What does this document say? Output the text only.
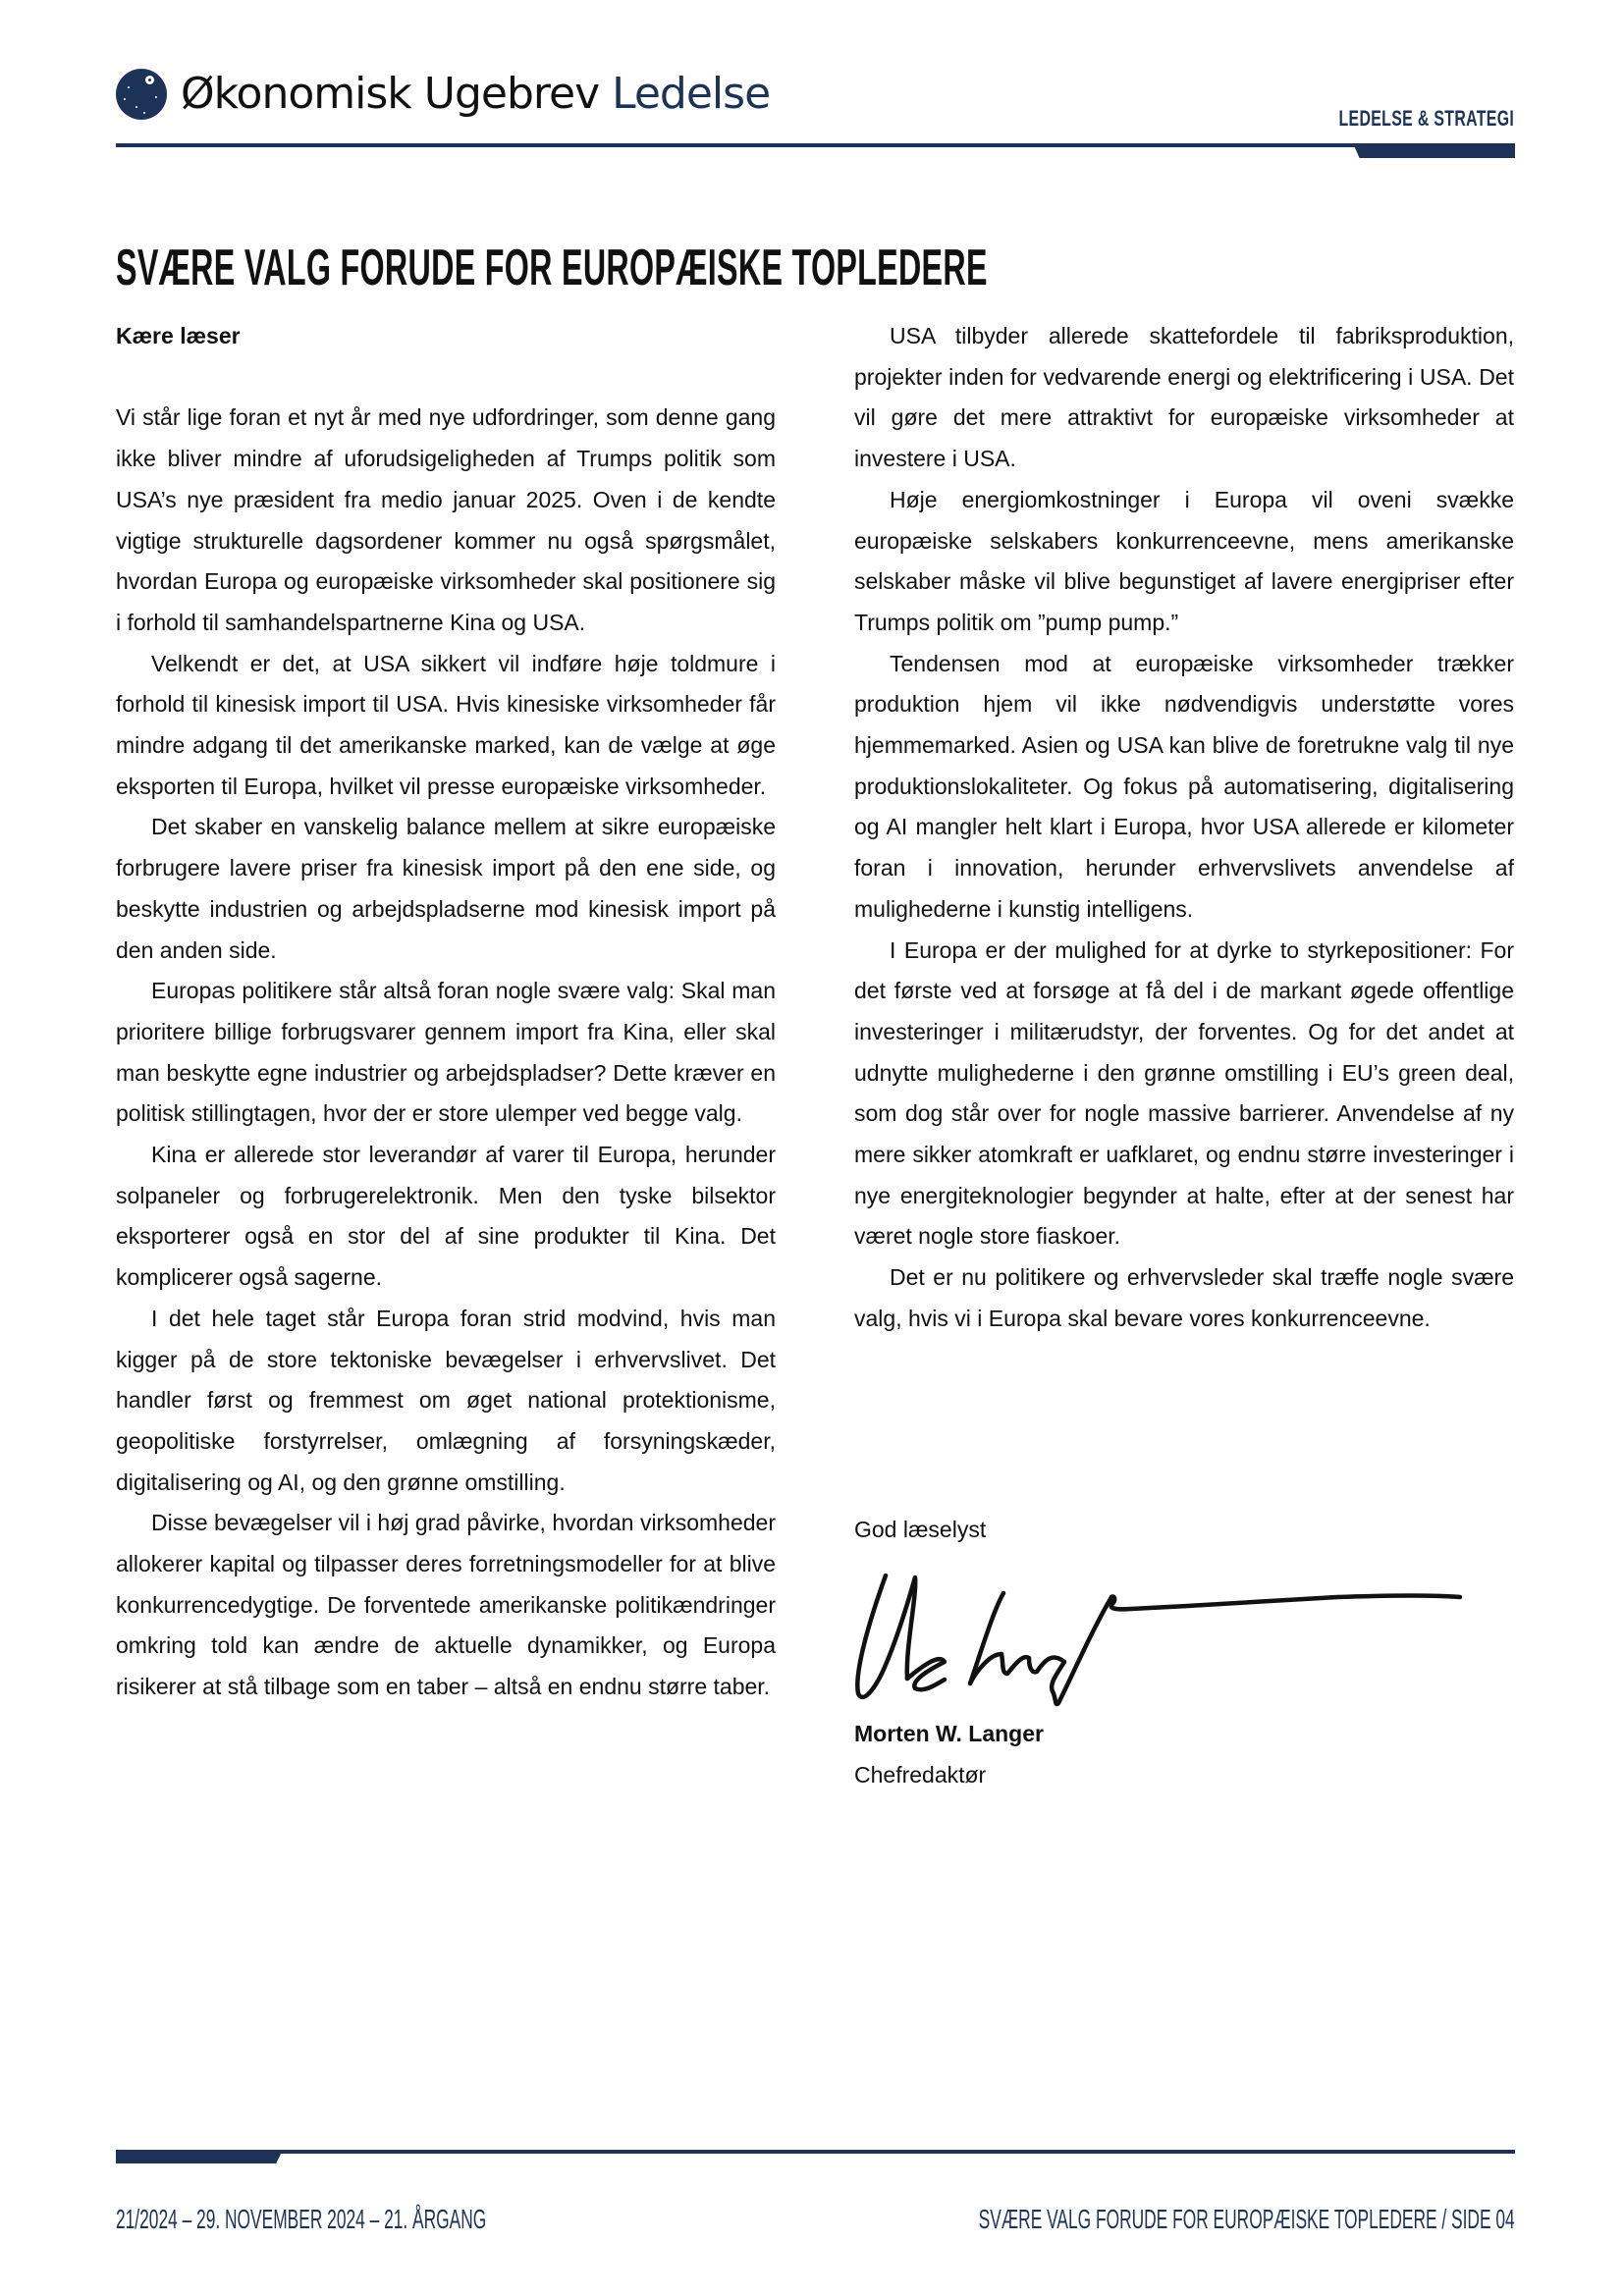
Økonomisk Ugebrev Ledelse	LEDELSE & STRATEGI
SVÆRE VALG FORUDE FOR EUROPÆISKE TOPLEDERE

Kære læser

Vi står lige foran et nyt år med nye udfordringer, som denne gang ikke bliver mindre af uforudsigeligheden af Trumps politik som USA’s nye præsident fra medio januar 2025. Oven i de kendte vigtige strukturelle dagsordener kommer nu også spørgsmålet, hvordan Europa og europæiske virksomheder skal positionere sig i forhold til samhandelspartnerne Kina og USA.

Velkendt er det, at USA sikkert vil indføre høje toldmure i forhold til kinesisk import til USA. Hvis kinesiske virksomheder får mindre adgang til det amerikanske marked, kan de vælge at øge eksporten til Europa, hvilket vil presse europæiske virksomheder.

Det skaber en vanskelig balance mellem at sikre europæiske forbrugere lavere priser fra kinesisk import på den ene side, og beskytte industrien og arbejdspladserne mod kinesisk import på den anden side.

Europas politikere står altså foran nogle svære valg: Skal man prioritere billige forbrugsvarer gennem import fra Kina, eller skal man beskytte egne industrier og arbejdspladser? Dette kræver en politisk stillingtagen, hvor der er store ulemper ved begge valg.

Kina er allerede stor leverandør af varer til Europa, herunder solpaneler og forbrugerelektronik. Men den tyske bilsektor eksporterer også en stor del af sine produkter til Kina. Det komplicerer også sagerne.

I det hele taget står Europa foran strid modvind, hvis man kigger på de store tektoniske bevægelser i erhvervslivet. Det handler først og fremmest om øget national protektionisme, geopolitiske forstyrrelser, omlægning af forsyningskæder, digitalisering og AI, og den grønne omstilling.

Disse bevægelser vil i høj grad påvirke, hvordan virksomheder allokerer kapital og tilpasser deres forretningsmodeller for at blive konkurrencedygtige. De forventede amerikanske politikændringer omkring told kan ændre de aktuelle dynamikker, og Europa risikerer at stå tilbage som en taber – altså en endnu større taber.

USA tilbyder allerede skattefordele til fabriksproduktion, projekter inden for vedvarende energi og elektrificering i USA. Det vil gøre det mere attraktivt for europæiske virksomheder at investere i USA.

Høje energiomkostninger i Europa vil oveni svække europæiske selskabers konkurrenceevne, mens amerikanske selskaber måske vil blive begunstiget af lavere energipriser efter Trumps politik om ”pump pump.”

Tendensen mod at europæiske virksomheder trækker produktion hjem vil ikke nødvendigvis understøtte vores hjemmemarked. Asien og USA kan blive de foretrukne valg til nye produktionslokaliteter. Og fokus på automatisering, digitalisering og AI mangler helt klart i Europa, hvor USA allerede er kilometer foran i innovation, herunder erhvervslivets anvendelse af mulighederne i kunstig intelligens.

I Europa er der mulighed for at dyrke to styrkepositioner: For det første ved at forsøge at få del i de markant øgede offentlige investeringer i militærudstyr, der forventes. Og for det andet at udnytte mulighederne i den grønne omstilling i EU’s green deal, som dog står over for nogle massive barrierer. Anvendelse af ny mere sikker atomkraft er uafklaret, og endnu større investeringer i nye energiteknologier begynder at halte, efter at der senest har været nogle store fiaskoer.

Det er nu politikere og erhvervsleder skal træffe nogle svære valg, hvis vi i Europa skal bevare vores konkurrenceevne.

God læselyst
Morten W. Langer
Chefredaktør
21/2024 – 29. NOVEMBER 2024 – 21. ÅRGANG	SVÆRE VALG FORUDE FOR EUROPÆISKE TOPLEDERE / SIDE 04
